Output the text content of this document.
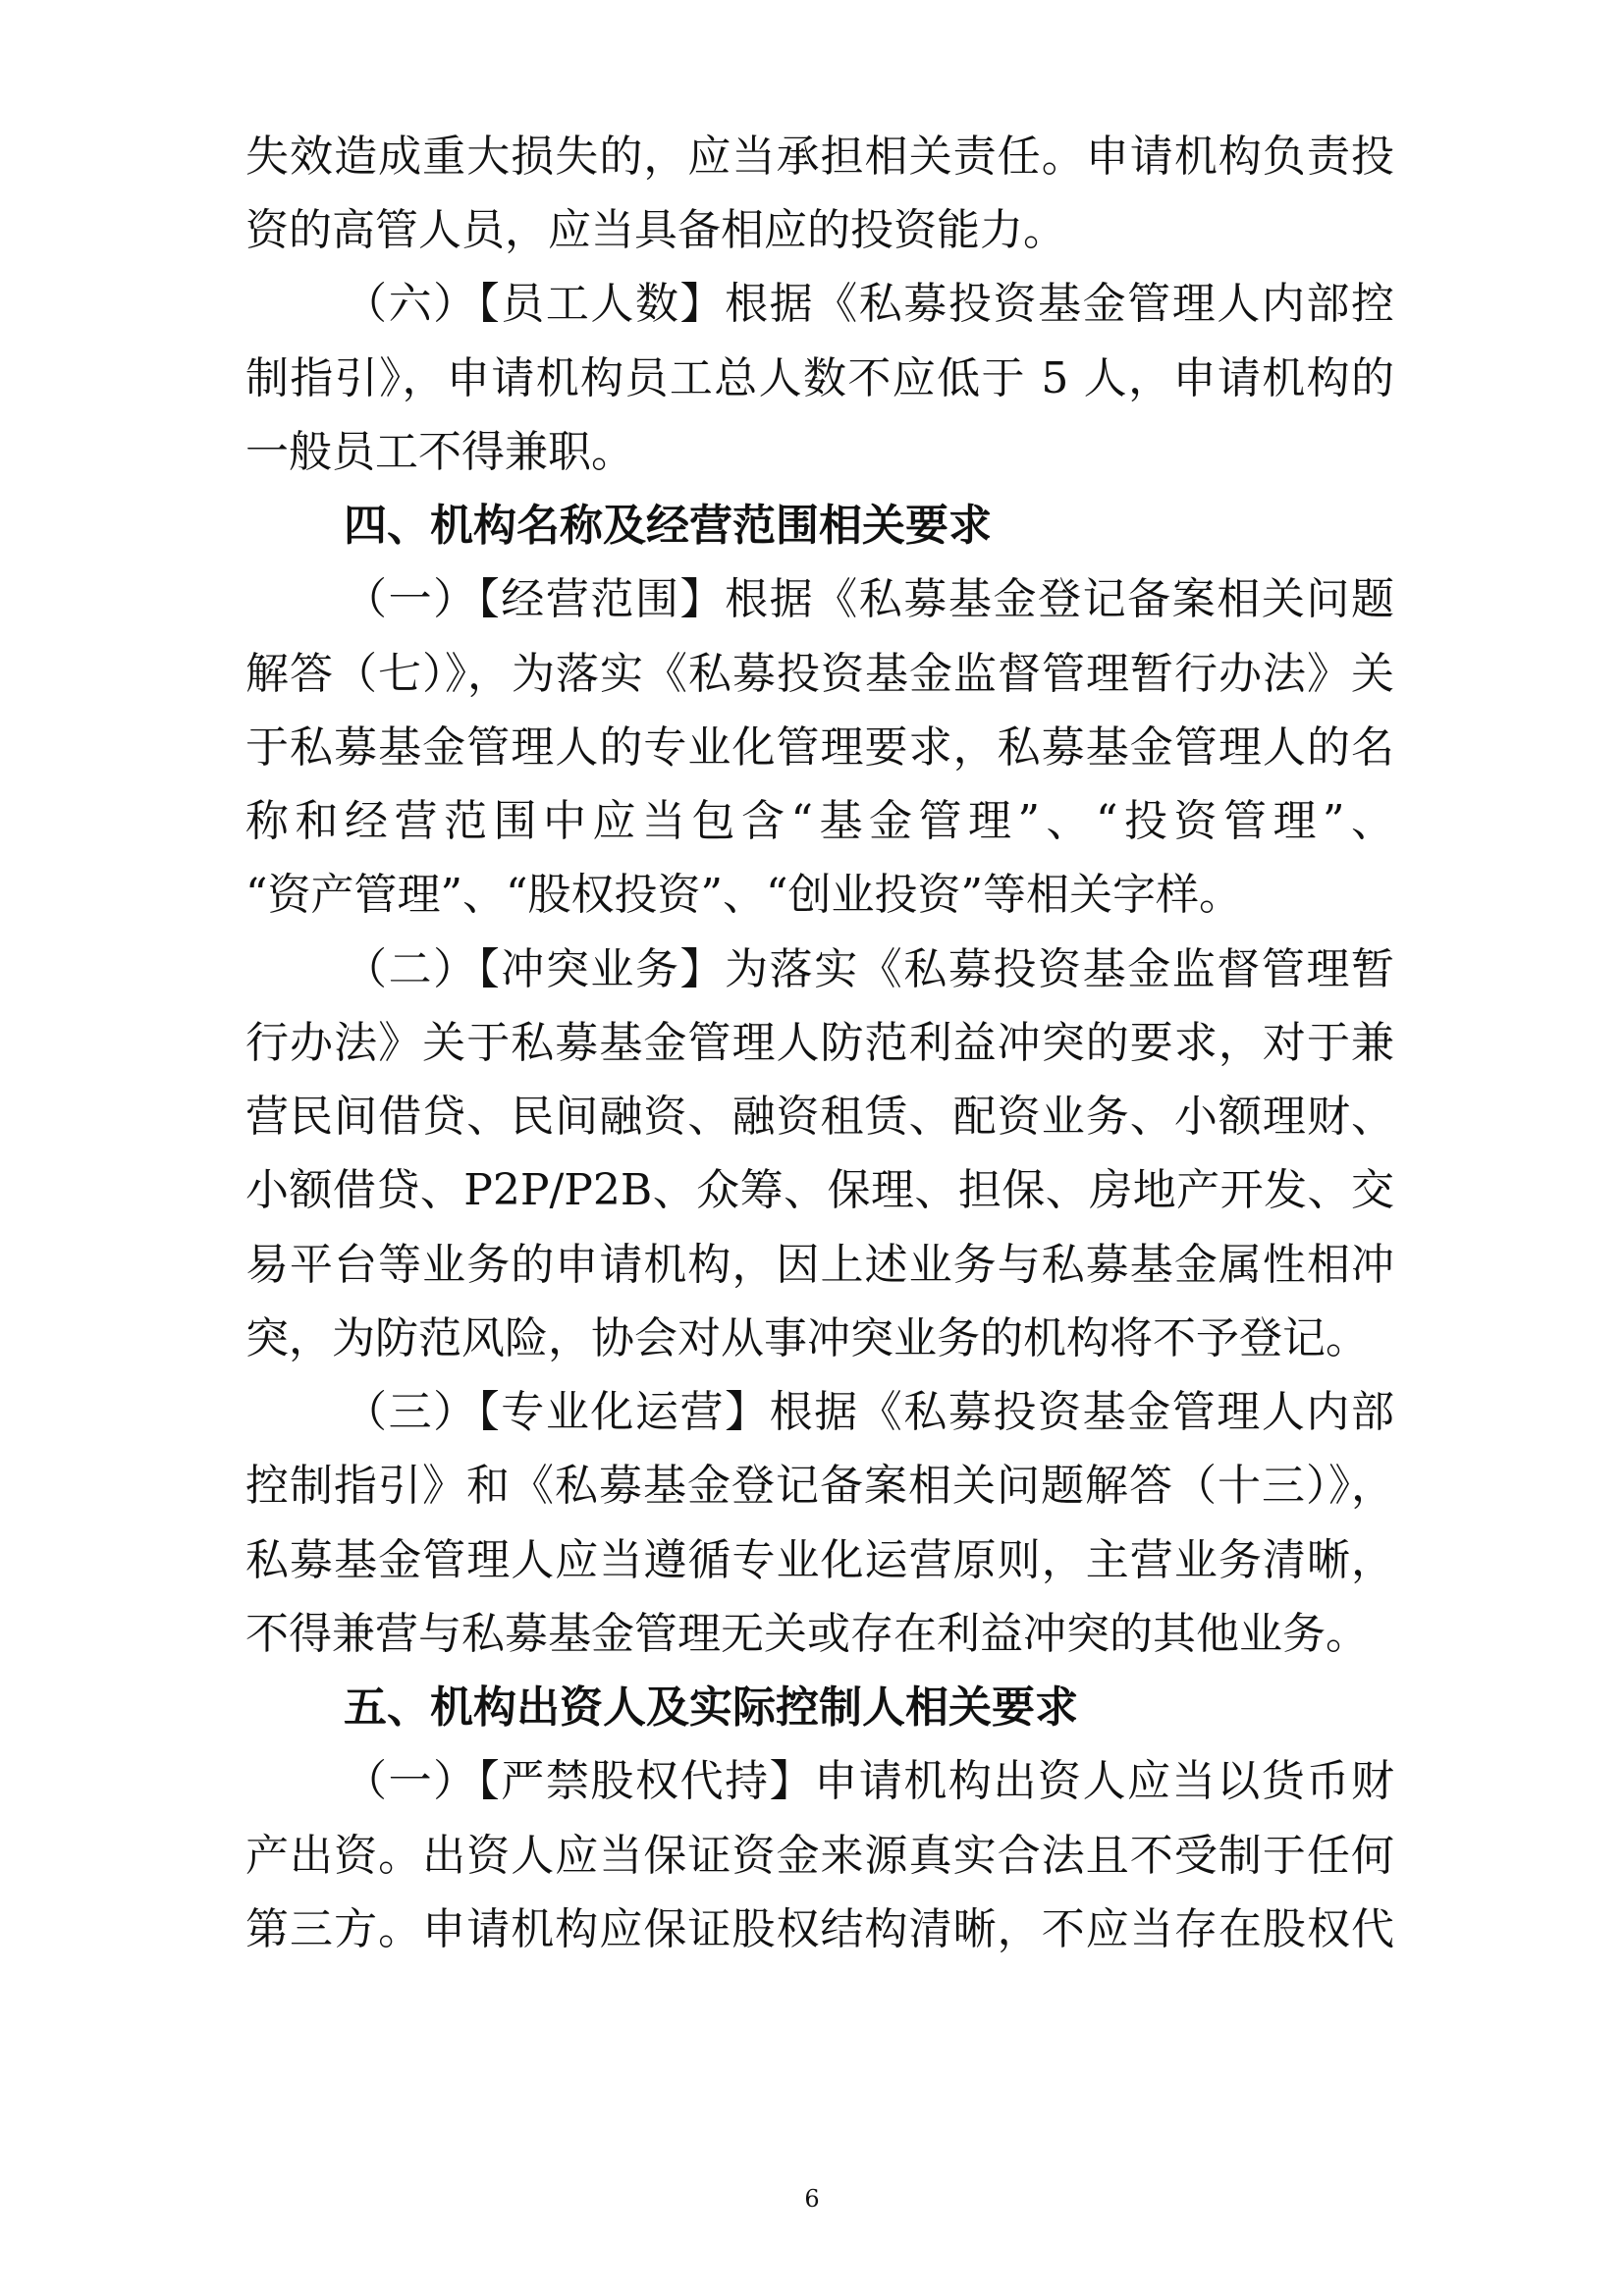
失效造成重大损失的，应当承担相关责任。申请机构负责投
资的高管人员，应当具备相应的投资能力。
（六）【员工人数】根据《私募投资基金管理人内部控
制指引》，申请机构员工总人数不应低于 5 人，申请机构的
一般员工不得兼职。
四、机构名称及经营范围相关要求
（一）【经营范围】根据《私募基金登记备案相关问题
解答（七）》，为落实《私募投资基金监督管理暂行办法》关
于私募基金管理人的专业化管理要求，私募基金管理人的名
称和经营范围中应当包含“基金管理”、“投资管理”、
“资产管理”、“股权投资”、“创业投资”等相关字样。
（二）【冲突业务】为落实《私募投资基金监督管理暂
行办法》关于私募基金管理人防范利益冲突的要求，对于兼
营民间借贷、民间融资、融资租赁、配资业务、小额理财、
小额借贷、P2P/P2B、众筹、保理、担保、房地产开发、交
易平台等业务的申请机构，因上述业务与私募基金属性相冲
突，为防范风险，协会对从事冲突业务的机构将不予登记。
（三）【专业化运营】根据《私募投资基金管理人内部
控制指引》和《私募基金登记备案相关问题解答（十三）》，
私募基金管理人应当遵循专业化运营原则，主营业务清晰，
不得兼营与私募基金管理无关或存在利益冲突的其他业务。
五、机构出资人及实际控制人相关要求
（一）【严禁股权代持】申请机构出资人应当以货币财
产出资。出资人应当保证资金来源真实合法且不受制于任何
第三方。申请机构应保证股权结构清晰，不应当存在股权代
6
